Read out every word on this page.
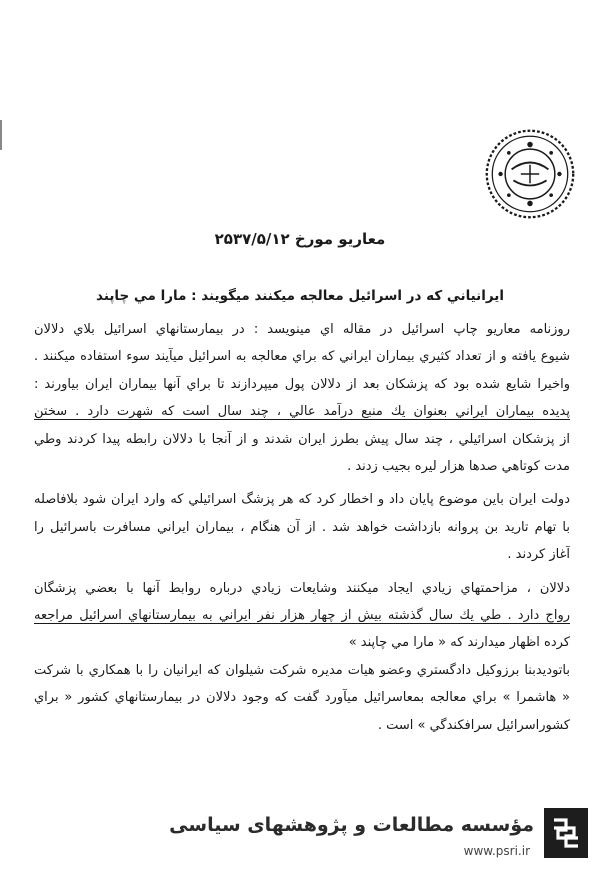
معاريو مورخ ۲۵۳۷/۵/۱۲
ايرانياني كه در اسرائيل معالجه ميكنند ميگويند : مارا مي چاپند
روزنامه معاريو چاپ اسرائيل در مقاله اي مينويسد : در بيمارستانهاي اسرائيل بلاي دلالان
شيوع يافته و از تعداد كثيري بيماران ايراني كه براي معالجه به اسرائيل ميآيند سوء استفاده ميكنند .
واخيرا شايع شده بود كه پزشكان بعد از دلالان پول ميپردازند تا براي آنها بيماران ايران بياورند :
پديده بيماران ايراني بعنوان يك منبع درآمد عالي ، چند سال است كه شهرت دارد . سختن
از پزشكان اسرائيلي ، چند سال پيش بطرز ايران شدند و از آنجا با دلالان رابطه پيدا كردند وطي
مدت كوتاهي صدها هزار ليره بجيب زدند .
دولت ايران باين موضوع پايان داد و اخطار كرد كه هر پزشگ اسرائيلي كه وارد ايران شود بلافاصله
با تهام تاريد بن پروانه بازداشت خواهد شد . از آن هنگام ، بيماران ايراني مسافرت باسرائيل را
آغاز كردند .
دلالان ، مزاحمتهاي زيادي ايجاد ميكنند وشايعات زيادي درباره روابط آنها با بعضي پزشگان
رواج دارد . طي يك سال گذشته بيش از چهار هزار نفر ايراني به بيمارستانهاي اسرائيل مراجعه
كرده اظهار ميدارند كه « مارا مي چاپند »
باتوديدبنا برزوكيل دادگستري وعضو هيات مديره شركت شيلوان كه ايرانيان را با همكاري با شركت
« هاشمرا » براي معالجه بمعاسرائيل ميآورد گفت كه وجود دلالان در بيمارستانهاي كشور « براي
كشوراسرائيل سرافكندگي » است .
مؤسسه مطالعات و پژوهشهای سیاسی
www.psri.ir
